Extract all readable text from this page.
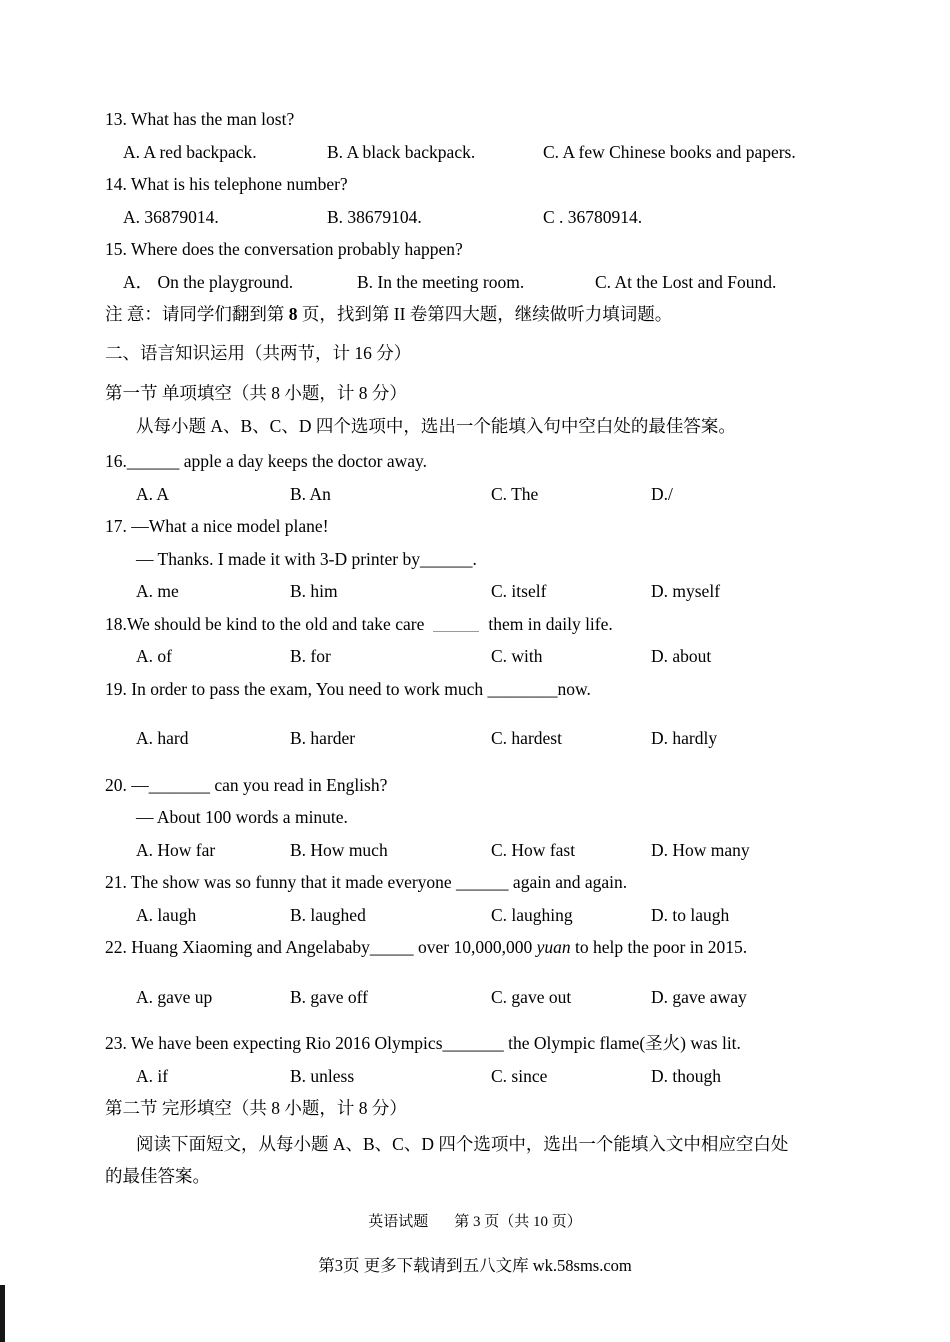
13. What has the man lost?
A. A red backpack.	B. A black backpack.	C. A few Chinese books and papers.
14. What is his telephone number?
A. 36879014.	B. 38679104.	C . 36780914.
15. Where does the conversation probably happen?
A． On the playground.	B. In the meeting room.	C. At the Lost and Found.
注 意：请同学们翻到第 8 页，找到第 II 卷第四大题，继续做听力填词题。
二、语言知识运用（共两节，计 16 分）
第一节 单项填空（共 8 小题，计 8 分）
从每小题 A、B、C、D 四个选项中，选出一个能填入句中空白处的最佳答案。
16.______ apple a day keeps the doctor away.
A. A	B. An	C. The	D./
17. —What a nice model plane!
— Thanks. I made it with 3-D printer by______.
A. me	B. him	C. itself	D. myself
18.We should be kind to the old and take care	them in daily life.
A. of	B. for	C. with	D. about
19. In order to pass the exam, You need to work much ________now.
A. hard	B. harder	C. hardest	D. hardly
20. —_______ can you read in English?
— About 100 words a minute.
A. How far	B. How much	C. How fast	D. How many
21. The show was so funny that it made everyone ______ again and again.
A. laugh	B. laughed	C. laughing	D. to laugh
22. Huang Xiaoming and Angelababy_____ over 10,000,000 yuan to help the poor in 2015.
A. gave up	B. gave off	C. gave out	D. gave away
23. We have been expecting Rio 2016 Olympics_______ the Olympic flame(圣火) was lit.
A. if	B. unless	C. since	D. though
第二节 完形填空（共 8 小题，计 8 分）
阅读下面短文，从每小题 A、B、C、D 四个选项中，选出一个能填入文中相应空白处
的最佳答案。
英语试题 第 3 页（共 10 页）
第3页 更多下载请到五八文库 wk.58sms.com
